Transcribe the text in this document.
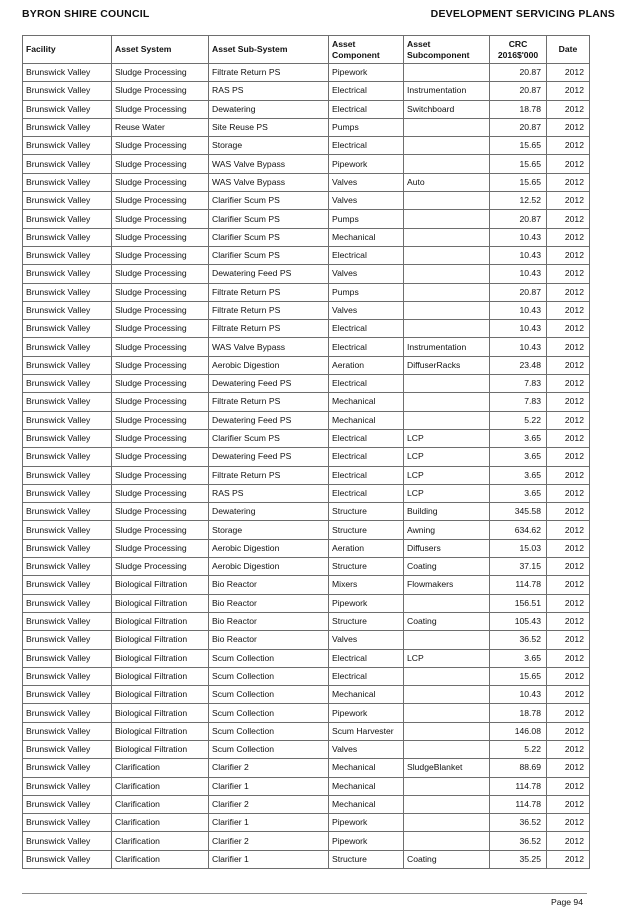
BYRON SHIRE COUNCIL	DEVELOPMENT SERVICING PLANS
Facility	Asset System	Asset Sub-System	Asset Component	Asset Subcomponent	CRC 2016$'000	Date
Brunswick Valley	Sludge Processing	Filtrate Return PS	Pipework		20.87	2012
Brunswick Valley	Sludge Processing	RAS PS	Electrical	Instrumentation	20.87	2012
Brunswick Valley	Sludge Processing	Dewatering	Electrical	Switchboard	18.78	2012
Brunswick Valley	Reuse Water	Site Reuse PS	Pumps		20.87	2012
Brunswick Valley	Sludge Processing	Storage	Electrical		15.65	2012
Brunswick Valley	Sludge Processing	WAS Valve Bypass	Pipework		15.65	2012
Brunswick Valley	Sludge Processing	WAS Valve Bypass	Valves	Auto	15.65	2012
Brunswick Valley	Sludge Processing	Clarifier Scum PS	Valves		12.52	2012
Brunswick Valley	Sludge Processing	Clarifier Scum PS	Pumps		20.87	2012
Brunswick Valley	Sludge Processing	Clarifier Scum PS	Mechanical		10.43	2012
Brunswick Valley	Sludge Processing	Clarifier Scum PS	Electrical		10.43	2012
Brunswick Valley	Sludge Processing	Dewatering Feed PS	Valves		10.43	2012
Brunswick Valley	Sludge Processing	Filtrate Return PS	Pumps		20.87	2012
Brunswick Valley	Sludge Processing	Filtrate Return PS	Valves		10.43	2012
Brunswick Valley	Sludge Processing	Filtrate Return PS	Electrical		10.43	2012
Brunswick Valley	Sludge Processing	WAS Valve Bypass	Electrical	Instrumentation	10.43	2012
Brunswick Valley	Sludge Processing	Aerobic Digestion	Aeration	DiffuserRacks	23.48	2012
Brunswick Valley	Sludge Processing	Dewatering Feed PS	Electrical		7.83	2012
Brunswick Valley	Sludge Processing	Filtrate Return PS	Mechanical		7.83	2012
Brunswick Valley	Sludge Processing	Dewatering Feed PS	Mechanical		5.22	2012
Brunswick Valley	Sludge Processing	Clarifier Scum PS	Electrical	LCP	3.65	2012
Brunswick Valley	Sludge Processing	Dewatering Feed PS	Electrical	LCP	3.65	2012
Brunswick Valley	Sludge Processing	Filtrate Return PS	Electrical	LCP	3.65	2012
Brunswick Valley	Sludge Processing	RAS PS	Electrical	LCP	3.65	2012
Brunswick Valley	Sludge Processing	Dewatering	Structure	Building	345.58	2012
Brunswick Valley	Sludge Processing	Storage	Structure	Awning	634.62	2012
Brunswick Valley	Sludge Processing	Aerobic Digestion	Aeration	Diffusers	15.03	2012
Brunswick Valley	Sludge Processing	Aerobic Digestion	Structure	Coating	37.15	2012
Brunswick Valley	Biological Filtration	Bio Reactor	Mixers	Flowmakers	114.78	2012
Brunswick Valley	Biological Filtration	Bio Reactor	Pipework		156.51	2012
Brunswick Valley	Biological Filtration	Bio Reactor	Structure	Coating	105.43	2012
Brunswick Valley	Biological Filtration	Bio Reactor	Valves		36.52	2012
Brunswick Valley	Biological Filtration	Scum Collection	Electrical	LCP	3.65	2012
Brunswick Valley	Biological Filtration	Scum Collection	Electrical		15.65	2012
Brunswick Valley	Biological Filtration	Scum Collection	Mechanical		10.43	2012
Brunswick Valley	Biological Filtration	Scum Collection	Pipework		18.78	2012
Brunswick Valley	Biological Filtration	Scum Collection	Scum Harvester		146.08	2012
Brunswick Valley	Biological Filtration	Scum Collection	Valves		5.22	2012
Brunswick Valley	Clarification	Clarifier 2	Mechanical	SludgeBlanket	88.69	2012
Brunswick Valley	Clarification	Clarifier 1	Mechanical		114.78	2012
Brunswick Valley	Clarification	Clarifier 2	Mechanical		114.78	2012
Brunswick Valley	Clarification	Clarifier 1	Pipework		36.52	2012
Brunswick Valley	Clarification	Clarifier 2	Pipework		36.52	2012
Brunswick Valley	Clarification	Clarifier 1	Structure	Coating	35.25	2012
Page 94
